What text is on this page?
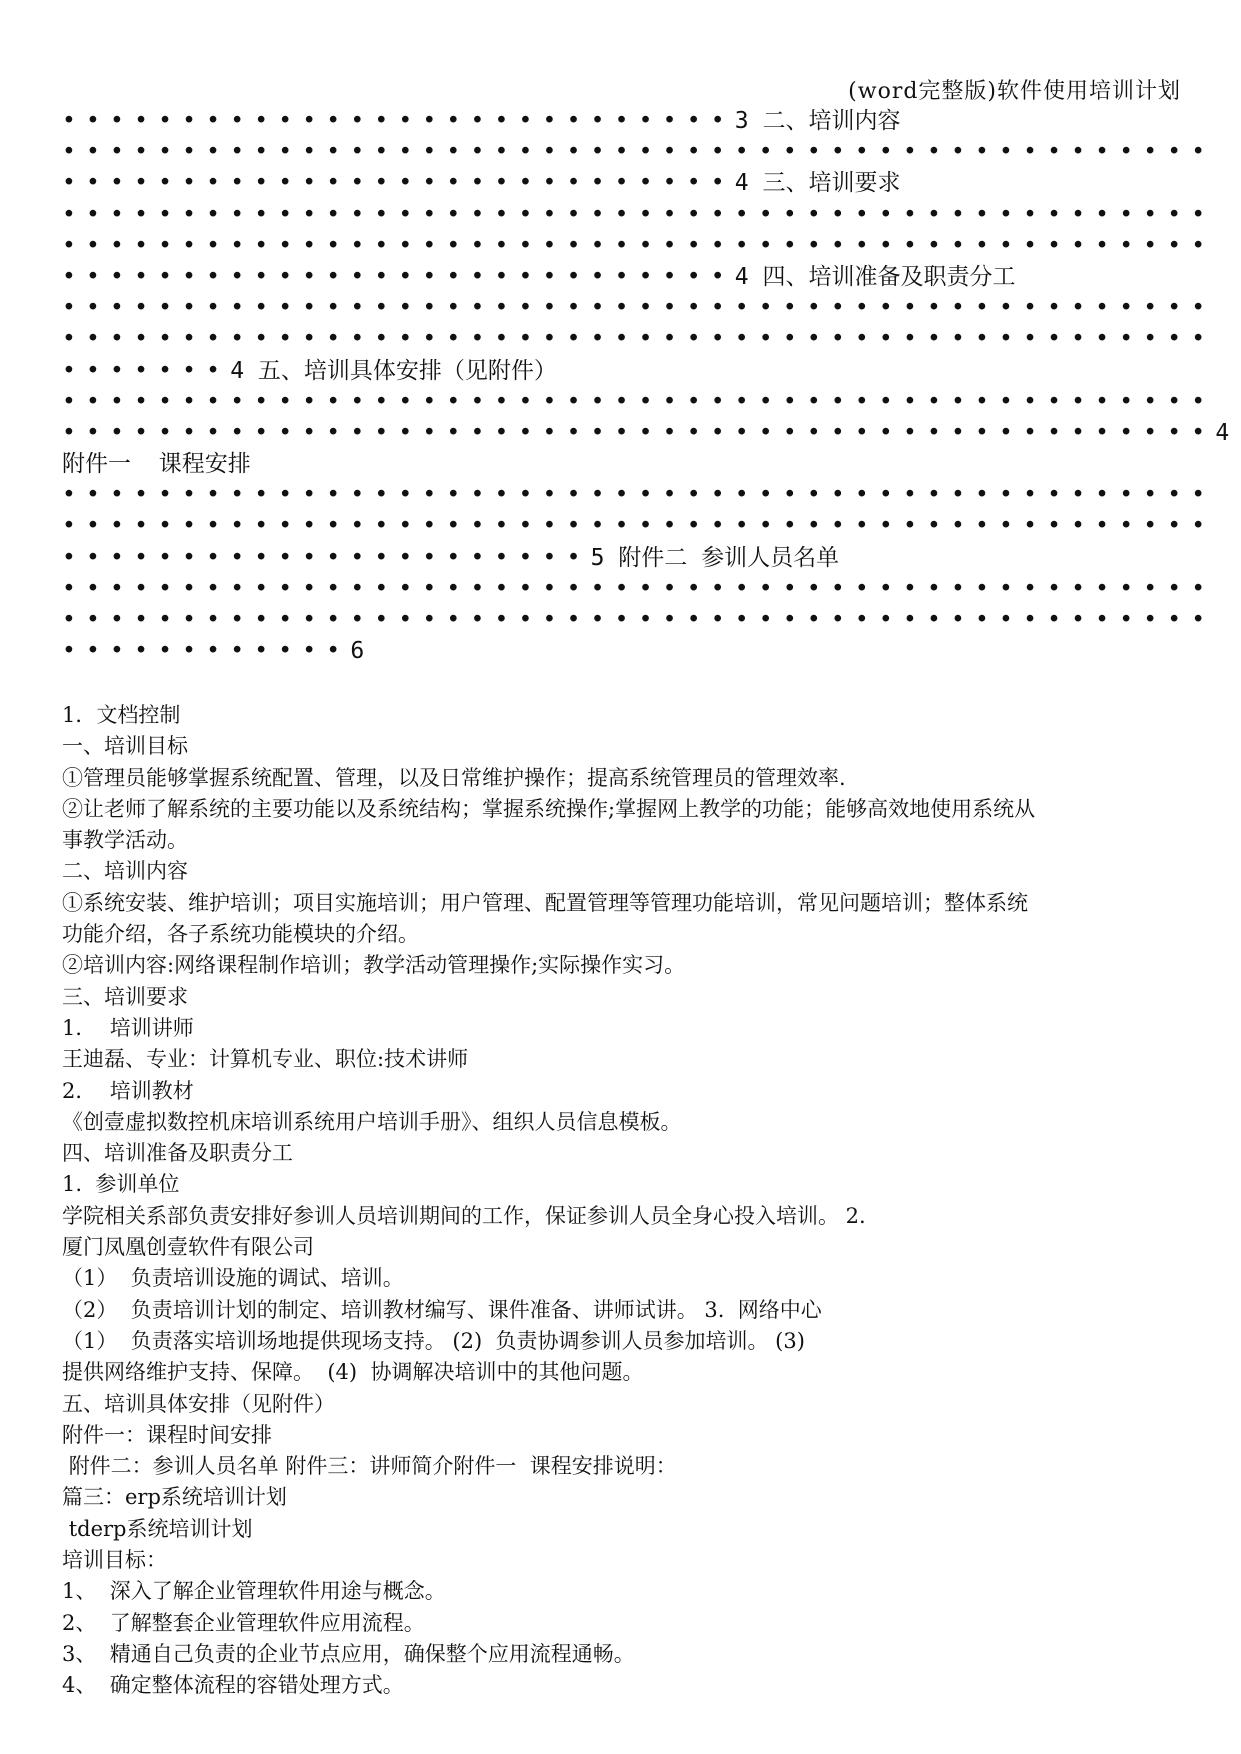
(word完整版)软件使用培训计划
••••••••••••••••••••••••••••3 二、培训内容
••••••••••••••••••••••••••••••••••••••••••••••••
••••••••••••••••••••••••••••4 三、培训要求
••••••••••••••••••••••••••••••••••••••••••••••••
••••••••••••••••••••••••••••••••••••••••••••••••
••••••••••••••••••••••••••••4 四、培训准备及职责分工
••••••••••••••••••••••••••••••••••••••••••••••••
••••••••••••••••••••••••••••••••••••••••••••••••
•••••••4 五、培训具体安排（见附件）
••••••••••••••••••••••••••••••••••••••••••••••••
••••••••••••••••••••••••••••••••••••••••••••••••4
附件一  课程安排
••••••••••••••••••••••••••••••••••••••••••••••••
••••••••••••••••••••••••••••••••••••••••••••••••
••••••••••••••••••••••5 附件二 参训人员名单
••••••••••••••••••••••••••••••••••••••••••••••••
••••••••••••••••••••••••••••••••••••••••••••••••
••••••••••••6
1．文档控制
一、培训目标
①管理员能够掌握系统配置、管理，以及日常维护操作；提高系统管理员的管理效率.
②让老师了解系统的主要功能以及系统结构；掌握系统操作;掌握网上教学的功能；能够高效地使用系统从
事教学活动。
二、培训内容
①系统安装、维护培训；项目实施培训；用户管理、配置管理等管理功能培训，常见问题培训；整体系统
功能介绍，各子系统功能模块的介绍。
②培训内容:网络课程制作培训；教学活动管理操作;实际操作实习。
三、培训要求
1．  培训讲师
王迪磊、专业：计算机专业、职位:技术讲师
2．  培训教材
《创壹虚拟数控机床培训系统用户培训手册》、组织人员信息模板。
四、培训准备及职责分工
1.  参训单位
学院相关系部负责安排好参训人员培训期间的工作，保证参训人员全身心投入培训。 2.
厦门凤凰创壹软件有限公司
（1）  负责培训设施的调试、培训。
（2）  负责培训计划的制定、培训教材编写、课件准备、讲师试讲。 3.  网络中心
（1）  负责落实培训场地提供现场支持。 (2)  负责协调参训人员参加培训。 (3)
提供网络维护支持、保障。  (4)  协调解决培训中的其他问题。
五、培训具体安排（见附件）
附件一：课程时间安排
附件二：参训人员名单 附件三：讲师简介附件一  课程安排说明：
篇三：erp系统培训计划
tderp系统培训计划
培训目标：
1、  深入了解企业管理软件用途与概念。
2、  了解整套企业管理软件应用流程。
3、  精通自己负责的企业节点应用，确保整个应用流程通畅。
4、  确定整体流程的容错处理方式。
